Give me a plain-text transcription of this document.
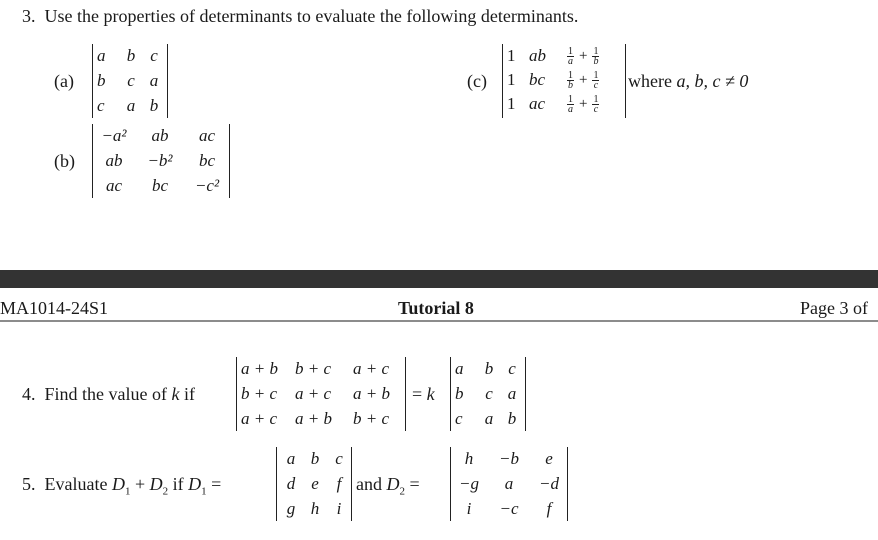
3. Use the properties of determinants to evaluate the following determinants.
(a)
a	b c
b	c a
c	a b
(b)
−a²	ab	ac
ab	−b²	bc
ac	bc	−c²
(c)
1 ab	$\frac{1}{a} + \frac{1}{b}$
1 bc	$\frac{1}{b} + \frac{1}{c}$
1 ac	$\frac{1}{a} + \frac{1}{c}$
where a, b, c ≠ 0
MA1014-24S1	Tutorial 8	Page 3 of
4. Find the value of k if
a + b	b + c	a + c
b + c	a + c	a + b
a + c	a + b	b + c
= k
a	b c
b	c a
c	a b
5. Evaluate $D_1 + D_2$ if $D_1$ =
a b c
d e	f
g h	i
and $D_2$ =
h	−b	e
−g	a	−d
i	−c	f
